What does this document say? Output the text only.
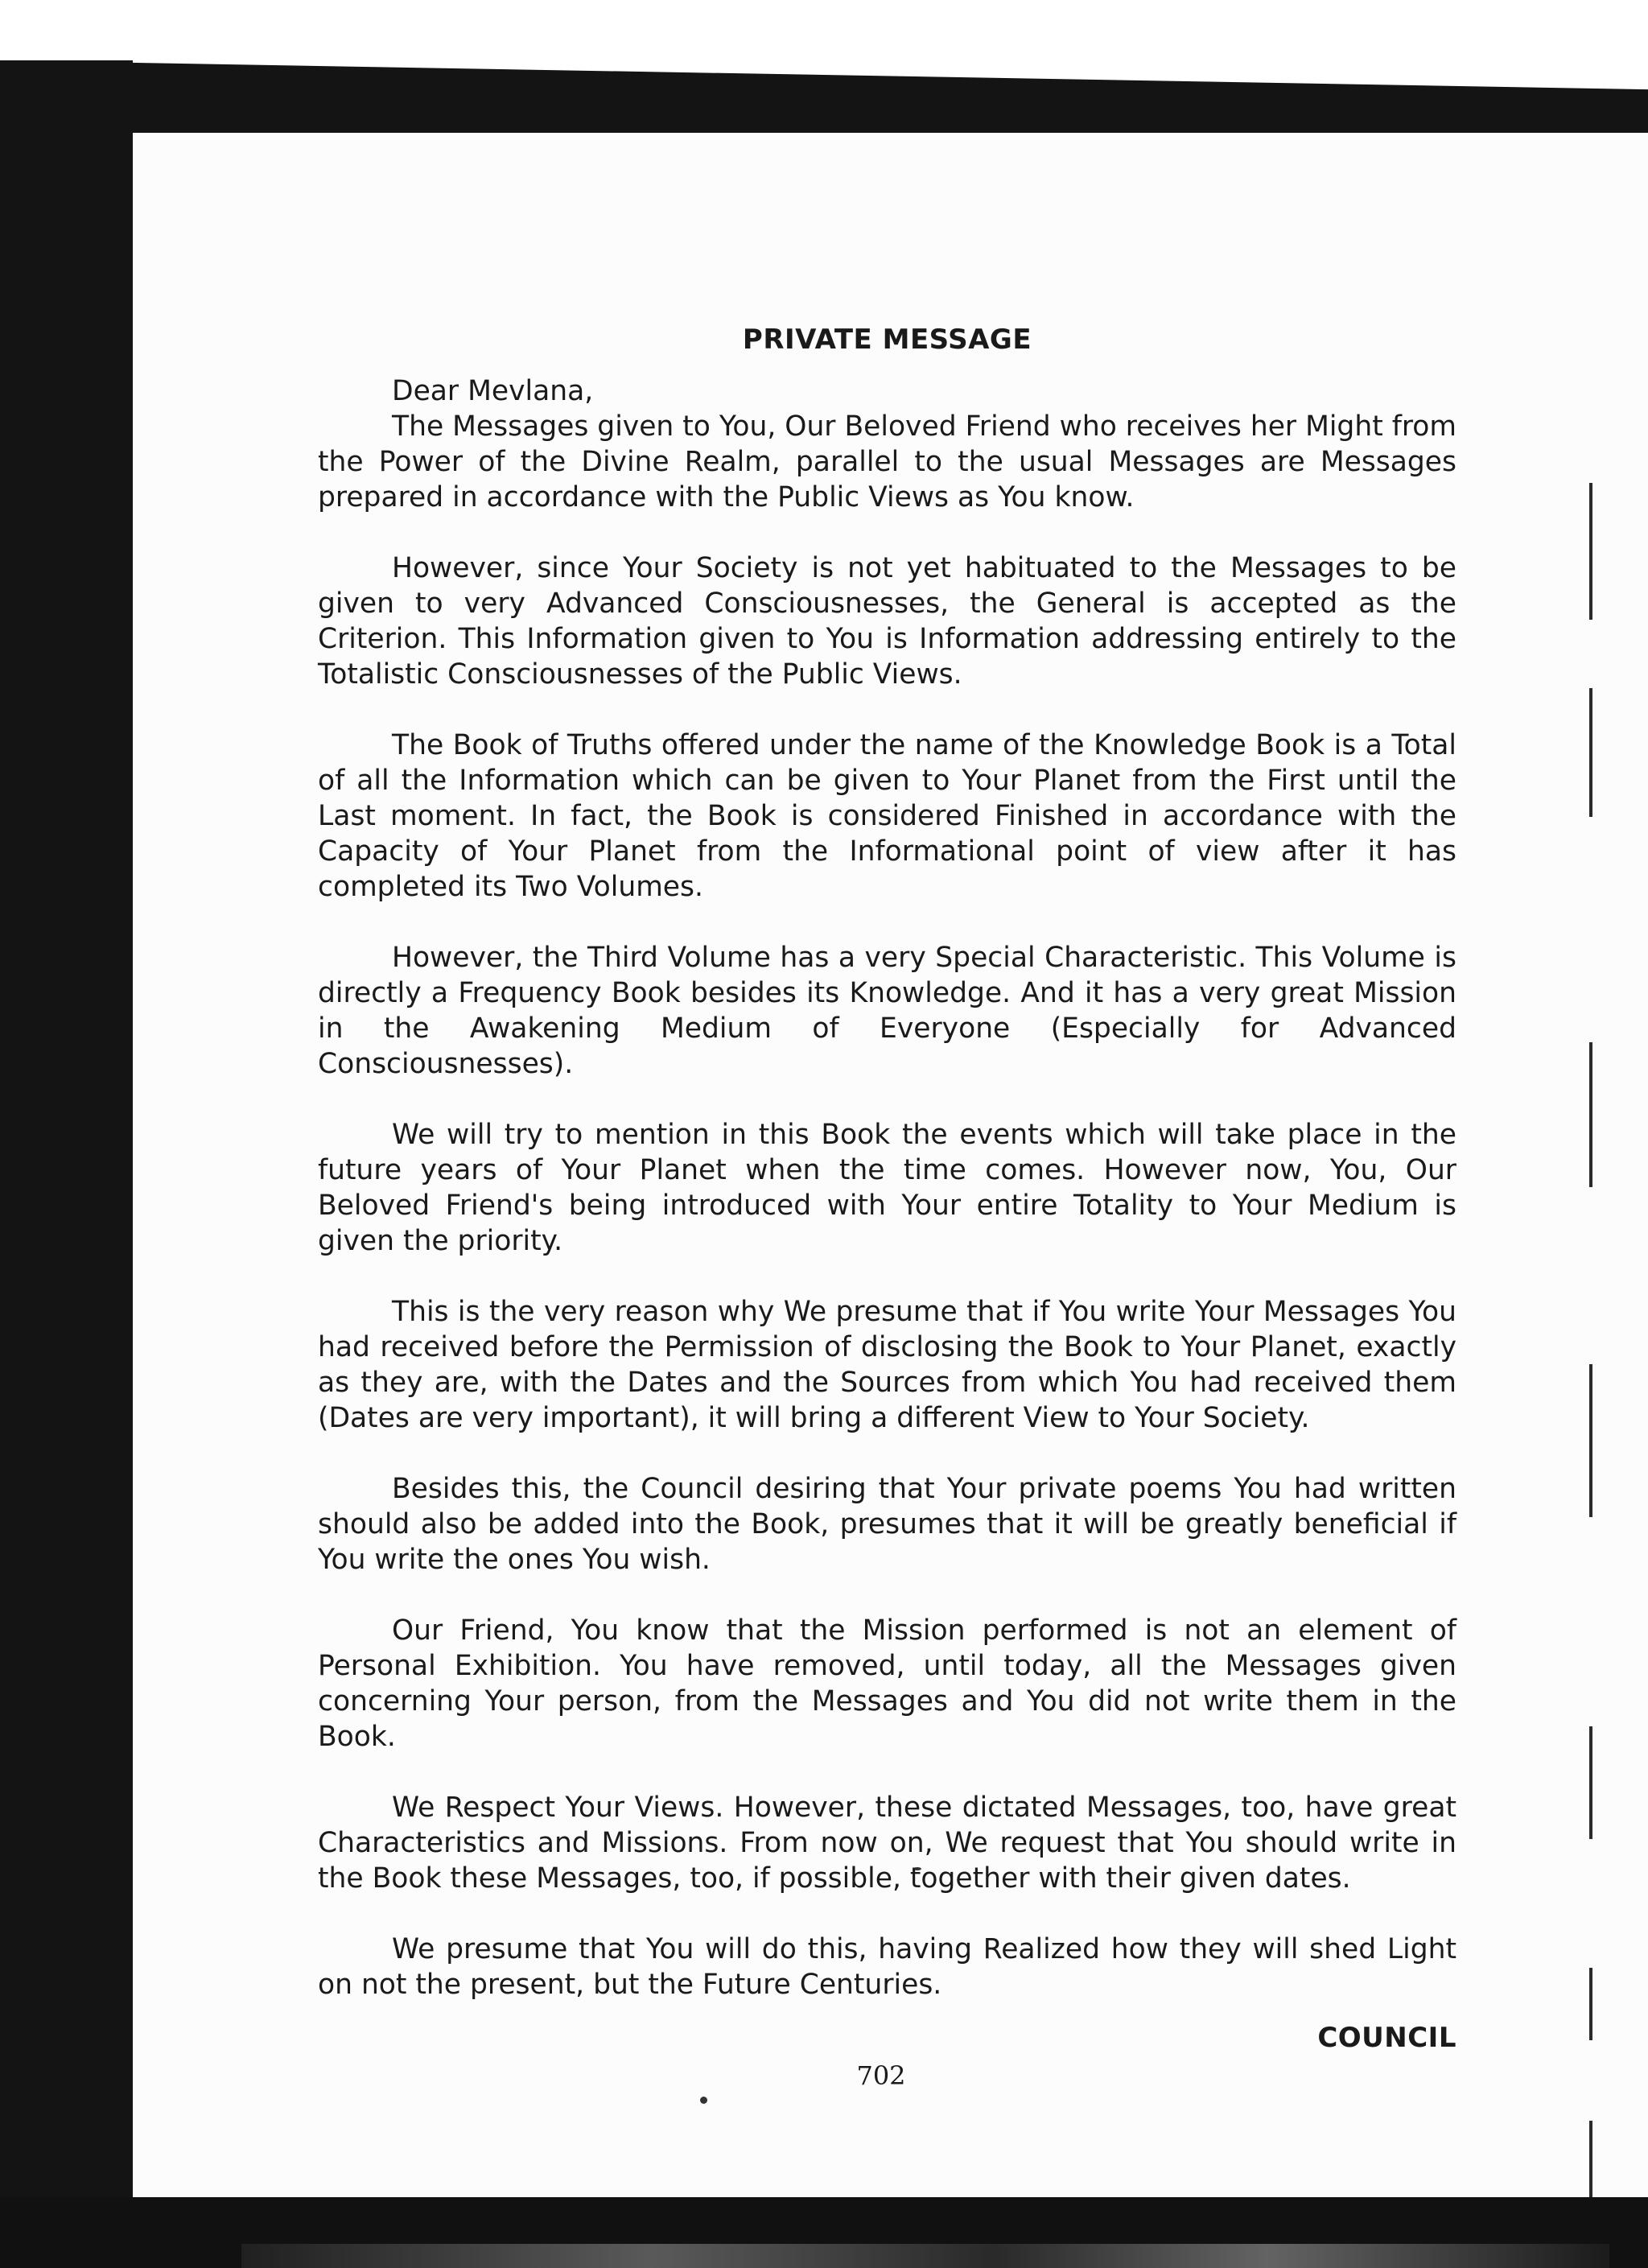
PRIVATE MESSAGE

Dear Mevlana,

The Messages given to You, Our Beloved Friend who receives her Might from the Power of the Divine Realm, parallel to the usual Messages are Messages prepared in accordance with the Public Views as You know.

However, since Your Society is not yet habituated to the Messages to be given to very Advanced Consciousnesses, the General is accepted as the Criterion. This Information given to You is Information addressing entirely to the Totalistic Consciousnesses of the Public Views.

The Book of Truths offered under the name of the Knowledge Book is a Total of all the Information which can be given to Your Planet from the First until the Last moment. In fact, the Book is considered Finished in accordance with the Capacity of Your Planet from the Informational point of view after it has completed its Two Volumes.

However, the Third Volume has a very Special Characteristic. This Volume is directly a Frequency Book besides its Knowledge. And it has a very great Mission in the Awakening Medium of Everyone (Especially for Advanced Consciousnesses).

We will try to mention in this Book the events which will take place in the future years of Your Planet when the time comes. However now, You, Our Beloved Friend's being introduced with Your entire Totality to Your Medium is given the priority.

This is the very reason why We presume that if You write Your Messages You had received before the Permission of disclosing the Book to Your Planet, exactly as they are, with the Dates and the Sources from which You had received them (Dates are very important), it will bring a different View to Your Society.

Besides this, the Council desiring that Your private poems You had written should also be added into the Book, presumes that it will be greatly beneficial if You write the ones You wish.

Our Friend, You know that the Mission performed is not an element of Personal Exhibition. You have removed, until today, all the Messages given concerning Your person, from the Messages and You did not write them in the Book.

We Respect Your Views. However, these dictated Messages, too, have great Characteristics and Missions. From now on, We request that You should write in the Book these Messages, too, if possible, together with their given dates.

We presume that You will do this, having Realized how they will shed Light on not the present, but the Future Centuries.

COUNCIL

702
